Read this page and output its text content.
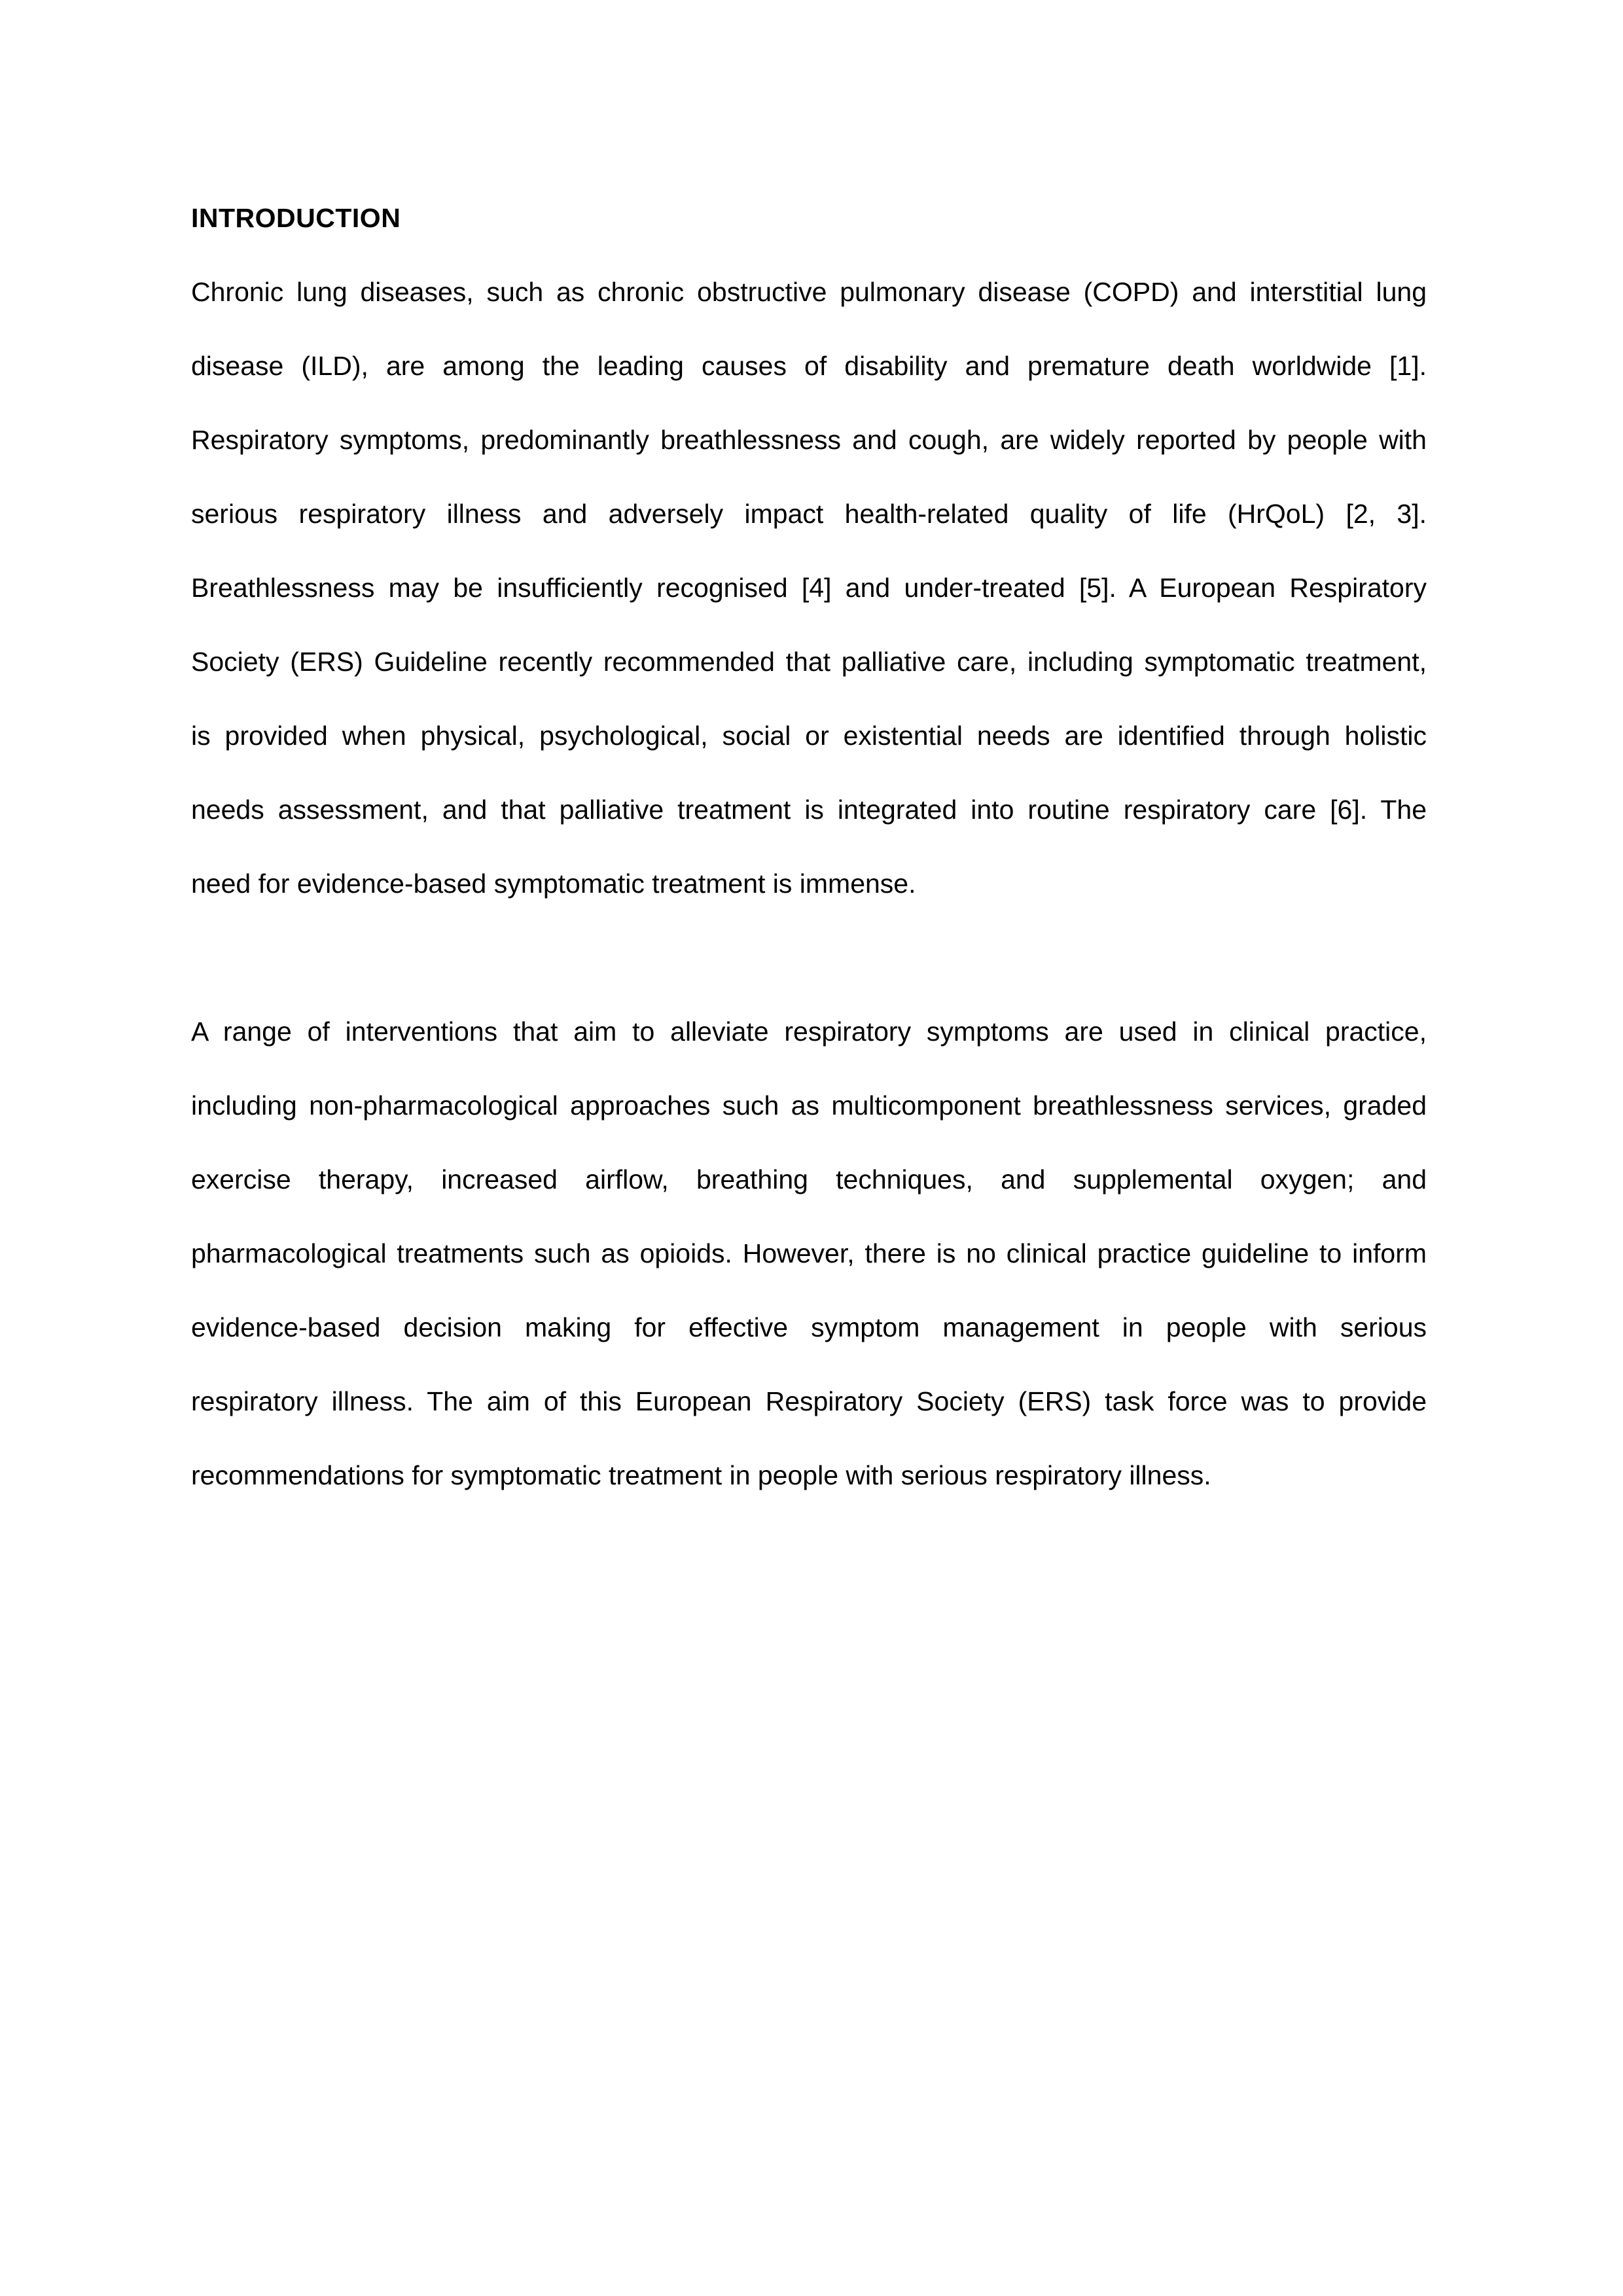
INTRODUCTION
Chronic lung diseases, such as chronic obstructive pulmonary disease (COPD) and interstitial lung
disease (ILD), are among the leading causes of disability and premature death worldwide [1].
Respiratory symptoms, predominantly breathlessness and cough, are widely reported by people with
serious respiratory illness and adversely impact health-related quality of life (HrQoL) [2, 3].
Breathlessness may be insufficiently recognised [4] and under-treated [5]. A European Respiratory
Society (ERS) Guideline recently recommended that palliative care, including symptomatic treatment,
is provided when physical, psychological, social or existential needs are identified through holistic
needs assessment, and that palliative treatment is integrated into routine respiratory care [6]. The
need for evidence-based symptomatic treatment is immense.
A range of interventions that aim to alleviate respiratory symptoms are used in clinical practice,
including non-pharmacological approaches such as multicomponent breathlessness services, graded
exercise therapy, increased airflow, breathing techniques, and supplemental oxygen; and
pharmacological treatments such as opioids. However, there is no clinical practice guideline to inform
evidence-based decision making for effective symptom management in people with serious
respiratory illness. The aim of this European Respiratory Society (ERS) task force was to provide
recommendations for symptomatic treatment in people with serious respiratory illness.
